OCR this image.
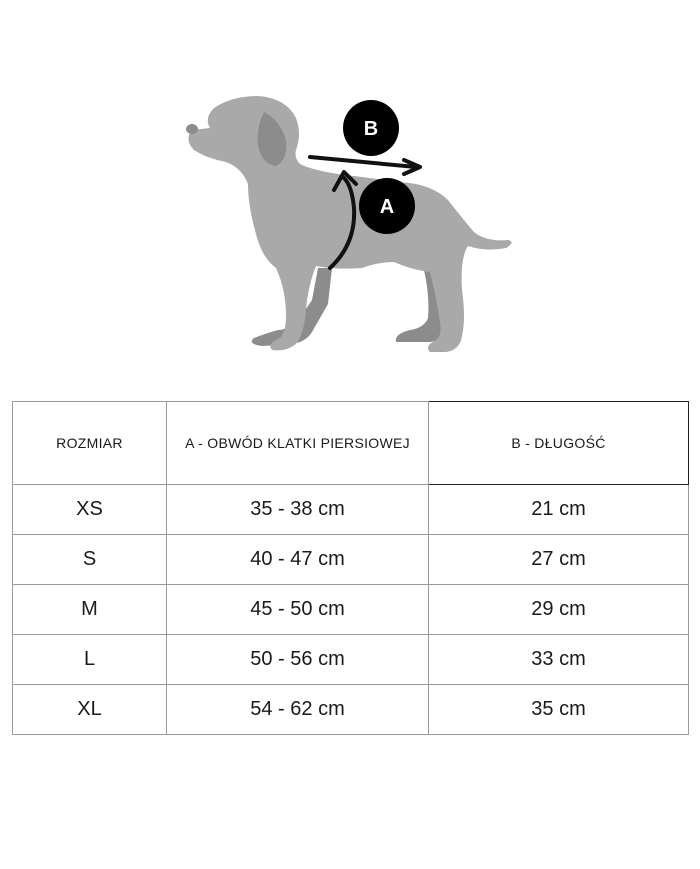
B
A
ROZMIAR	A - OBWÓD KLATKI PIERSIOWEJ	B - DŁUGOŚĆ
XS	35 - 38 cm	21 cm
S	40 - 47 cm	27 cm
M	45 - 50 cm	29 cm
L	50 - 56 cm	33 cm
XL	54 - 62 cm	35 cm
